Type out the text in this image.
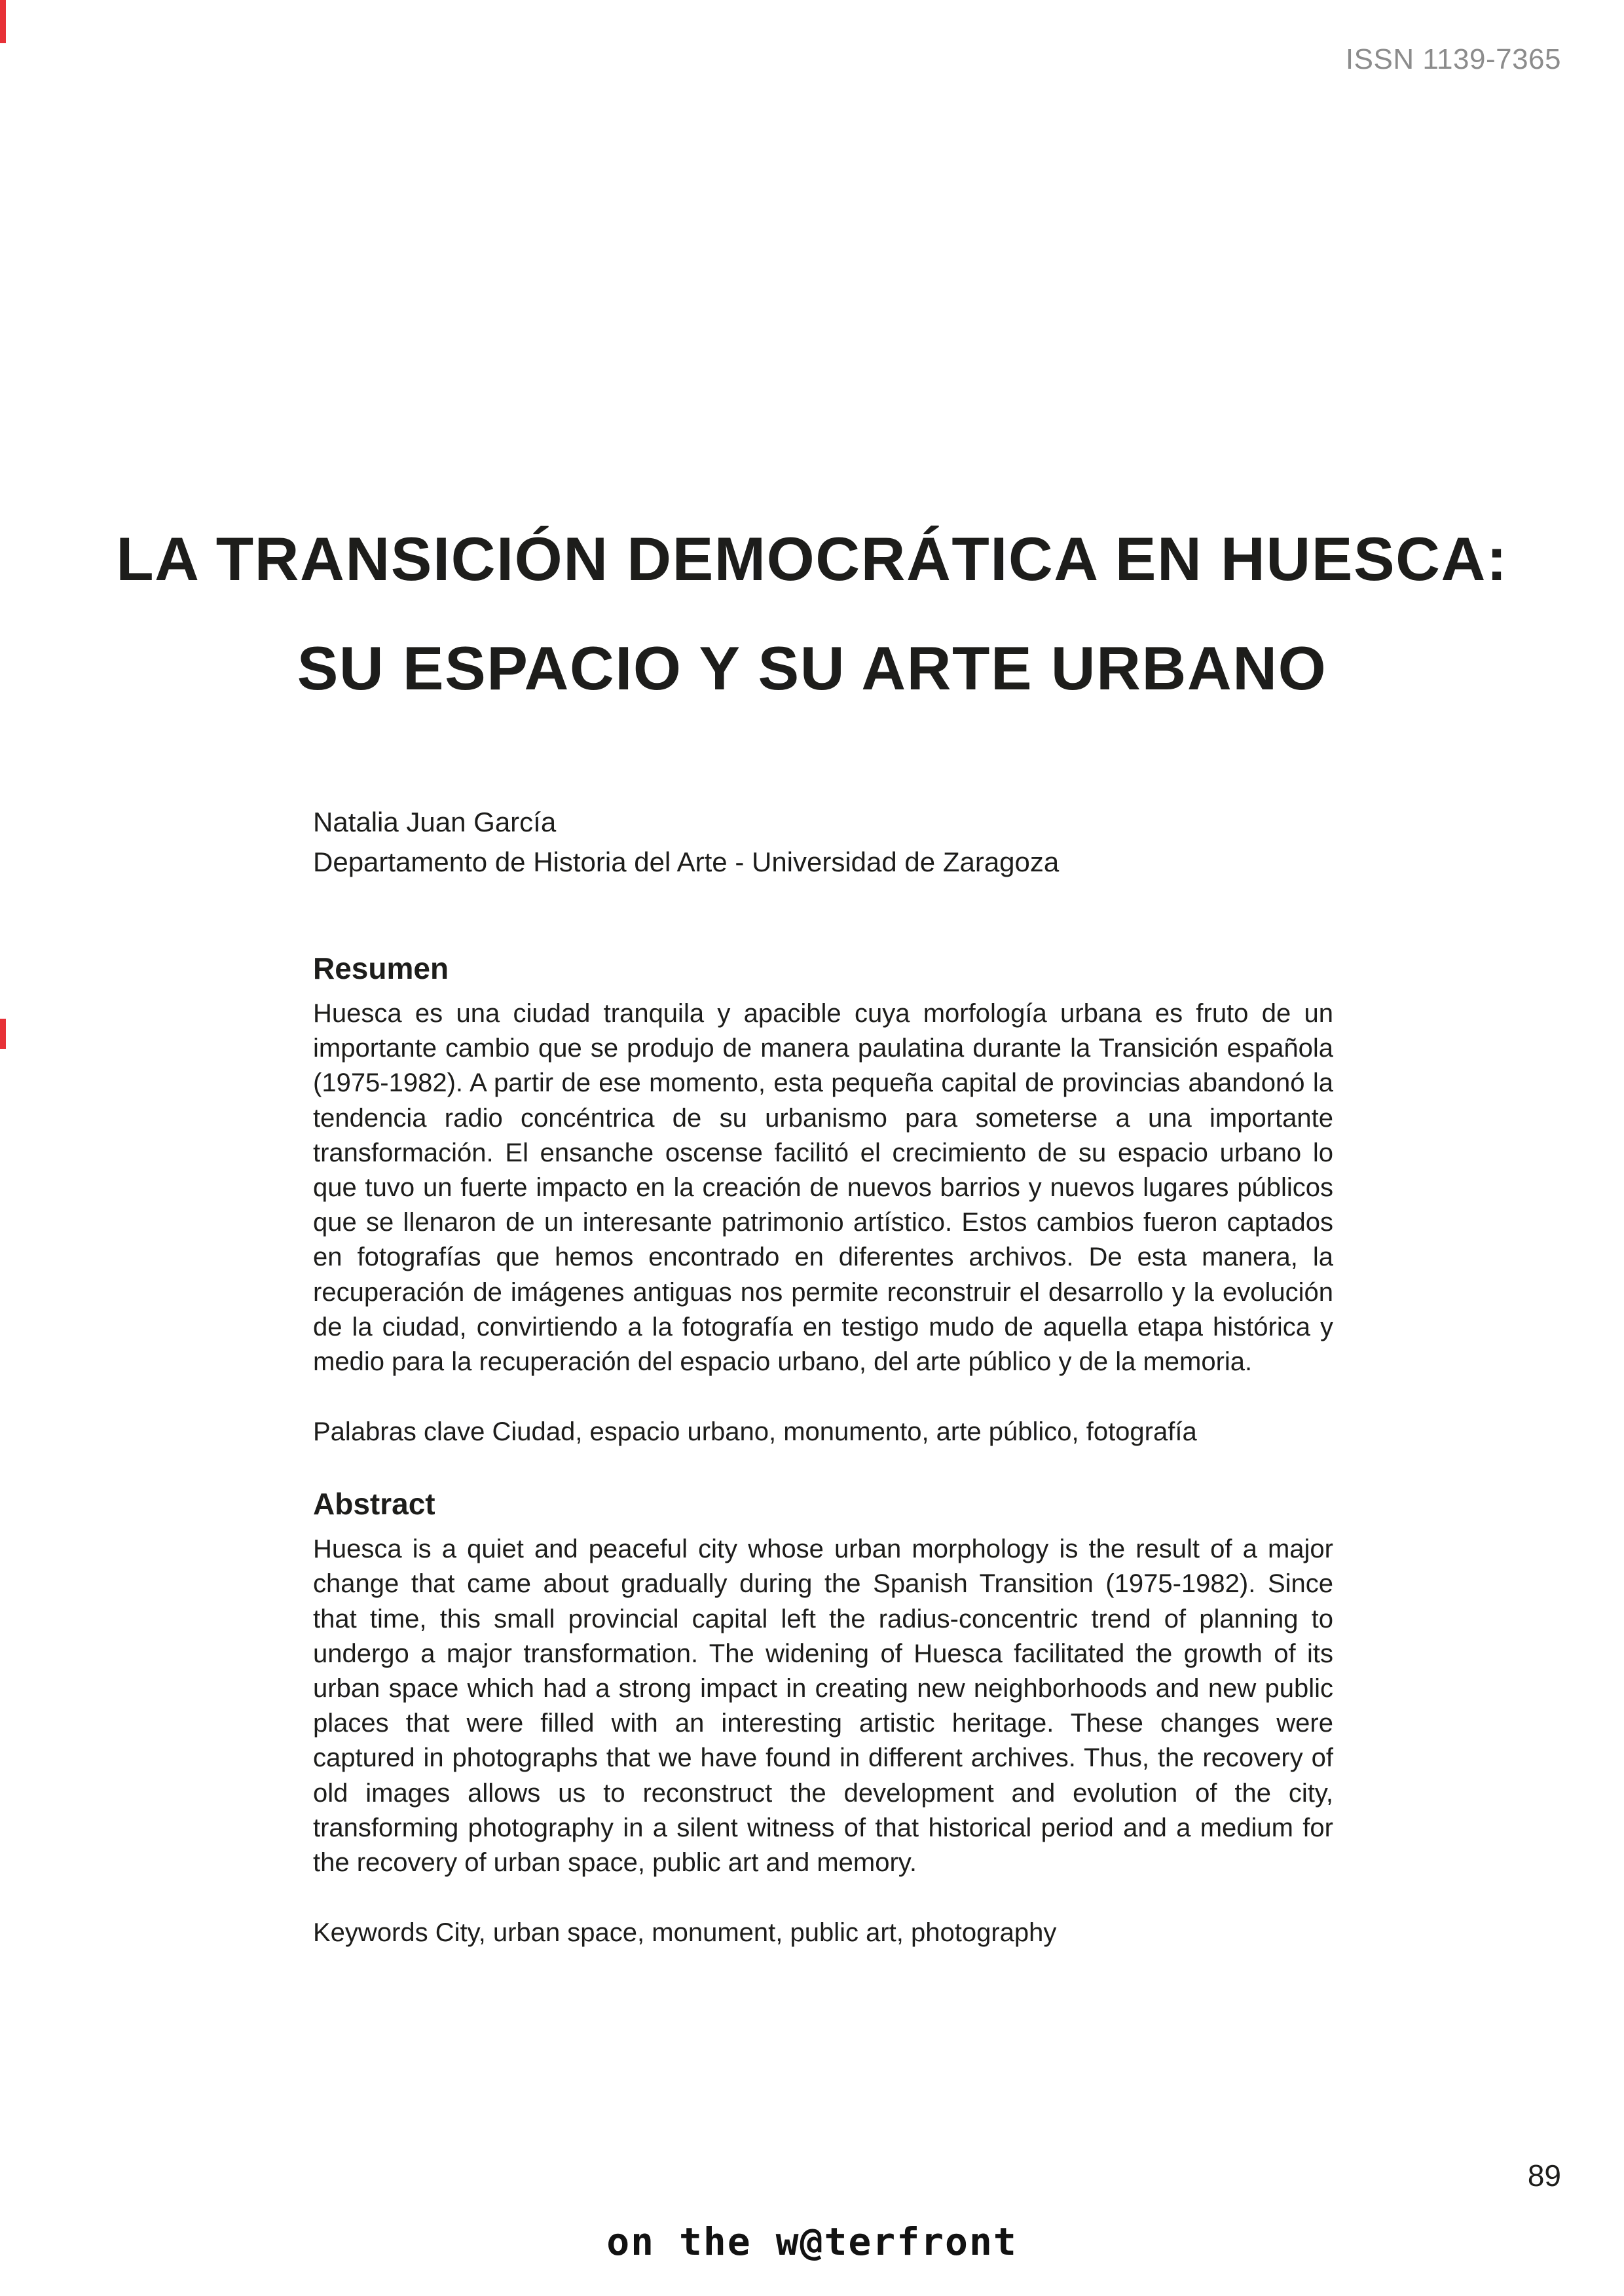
ISSN 1139-7365
LA TRANSICIÓN DEMOCRÁTICA EN HUESCA:
SU ESPACIO Y SU ARTE URBANO
Natalia Juan García
Departamento de Historia del Arte - Universidad de Zaragoza
Resumen

Huesca es una ciudad tranquila y apacible cuya morfología urbana es fruto de un importante cambio que se produjo de manera paulatina durante la Transición española (1975-1982). A partir de ese momento, esta pequeña capital de provincias abandonó la tendencia radio concéntrica de su urbanismo para someterse a una importante transformación. El ensanche oscense facilitó el crecimiento de su espacio urbano lo que tuvo un fuerte impacto en la creación de nuevos barrios y nuevos lugares públicos que se llenaron de un interesante patrimonio artístico. Estos cambios fueron captados en fotografías que hemos encontrado en diferentes archivos. De esta manera, la recuperación de imágenes antiguas nos permite reconstruir el desarrollo y la evolución de la ciudad, convirtiendo a la fotografía en testigo mudo de aquella etapa histórica y medio para la recuperación del espacio urbano, del arte público y de la memoria.

Palabras clave Ciudad, espacio urbano, monumento, arte público, fotografía

Abstract

Huesca is a quiet and peaceful city whose urban morphology is the result of a major change that came about gradually during the Spanish Transition (1975-1982). Since that time, this small provincial capital left the radius-concentric trend of planning to undergo a major transformation. The widening of Huesca facilitated the growth of its urban space which had a strong impact in creating new neighborhoods and new public places that were filled with an interesting artistic heritage. These changes were captured in photographs that we have found in different archives. Thus, the recovery of old images allows us to reconstruct the development and evolution of the city, transforming photography in a silent witness of that historical period and a medium for the recovery of urban space, public art and memory.

Keywords City, urban space, monument, public art, photography

89
on the w@terfront
